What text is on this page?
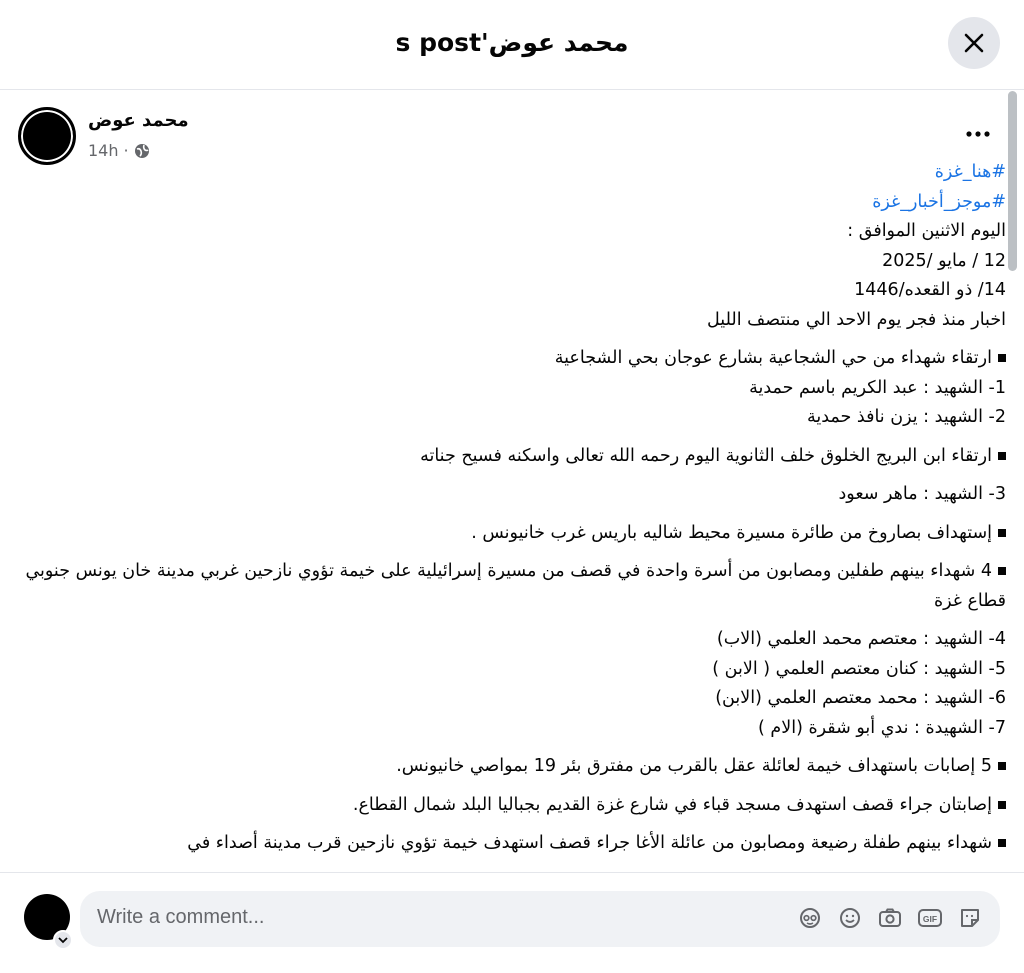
محمد عوض's post
محمد عوض
14h ·
#هنا_غزة
#موجز_أخبار_غزة
اليوم الاثنين الموافق :
12 / مايو /2025
14/ ذو القعده/1446
اخبار منذ فجر يوم الاحد الي منتصف الليل
ارتقاء شهداء من حي الشجاعية بشارع عوجان بحي الشجاعية
1- الشهيد : عبد الكريم باسم حمدية
2- الشهيد : يزن نافذ حمدية
ارتقاء ابن البريج الخلوق خلف الثانوية اليوم رحمه الله تعالى واسكنه فسيح جناته
3- الشهيد : ماهر سعود
إستهداف بصاروخ من طائرة مسيرة محيط شاليه باريس غرب خانيونس .
4 شهداء بينهم طفلين ومصابون من أسرة واحدة في قصف من مسيرة إسرائيلية على خيمة تؤوي نازحين غربي مدينة خان يونس جنوبي قطاع غزة
4- الشهيد : معتصم محمد العلمي (الاب)
5- الشهيد : كنان معتصم العلمي ( الابن )
6- الشهيد : محمد معتصم العلمي (الابن)
7- الشهيدة : ندي أبو شقرة (الام )
5 إصابات باستهداف خيمة لعائلة عقل بالقرب من مفترق بئر 19 بمواصي خانيونس.
إصابتان جراء قصف استهدف مسجد قباء في شارع غزة القديم بجباليا البلد شمال القطاع.
شهداء بينهم طفلة رضيعة ومصابون من عائلة الأغا جراء قصف استهدف خيمة تؤوي نازحين قرب مدينة أصداء في
Write a comment...	GIF
